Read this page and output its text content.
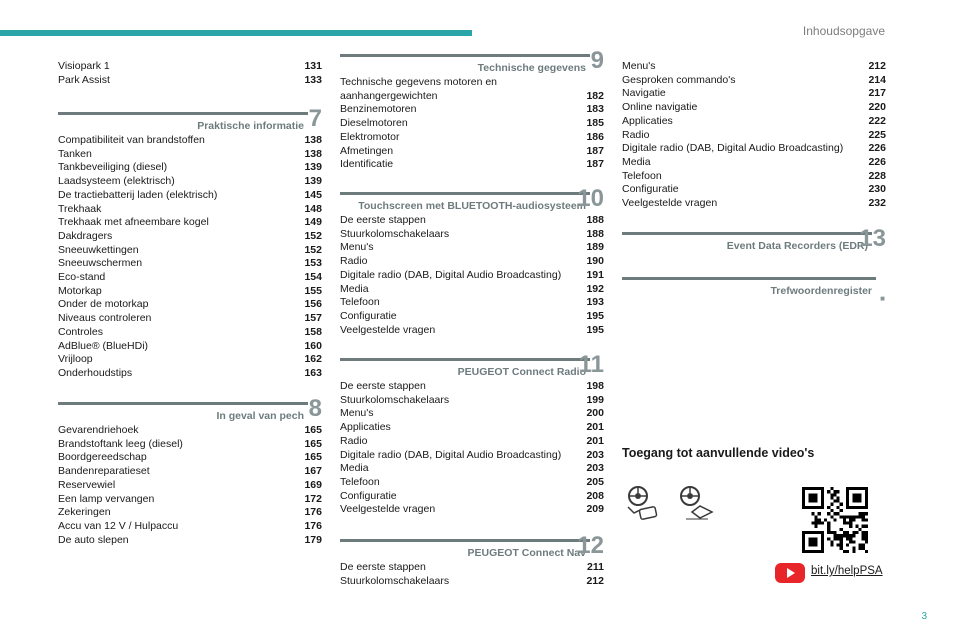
Inhoudsopgave
Visiopark 1	131
Park Assist	133
Praktische informatie 7
Compatibiliteit van brandstoffen	138
Tanken	138
Tankbeveiliging (diesel)	139
Laadsysteem (elektrisch)	139
De tractiebatterij laden (elektrisch)	145
Trekhaak	148
Trekhaak met afneembare kogel	149
Dakdragers	152
Sneeuwkettingen	152
Sneeuwschermen	153
Eco-stand	154
Motorkap	155
Onder de motorkap	156
Niveaus controleren	157
Controles	158
AdBlue® (BlueHDi)	160
Vrijloop	162
Onderhoudstips	163
In geval van pech 8
Gevarendriehoek	165
Brandstoftank leeg (diesel)	165
Boordgereedschap	165
Bandenreparatieset	167
Reservewiel	169
Een lamp vervangen	172
Zekeringen	176
Accu van 12 V / Hulpaccu	176
De auto slepen	179
Technische gegevens 9
Technische gegevens motoren en
aanhangergewichten	182
Benzinemotoren	183
Dieselmotoren	185
Elektromotor	186
Afmetingen	187
Identificatie	187
Touchscreen met BLUETOOTH-audiosysteem
10
De eerste stappen	188
Stuurkolomschakelaars	188
Menu's	189
Radio	190
Digitale radio (DAB, Digital Audio Broadcasting)	191
Media	192
Telefoon	193
Configuratie	195
Veelgestelde vragen	195
PEUGEOT Connect Radio
11
De eerste stappen	198
Stuurkolomschakelaars	199
Menu's	200
Applicaties	201
Radio	201
Digitale radio (DAB, Digital Audio Broadcasting)	203
Media	203
Telefoon	205
Configuratie	208
Veelgestelde vragen	209
PEUGEOT Connect Nav
12
De eerste stappen	211
Stuurkolomschakelaars	212
Menu's	212
Gesproken commando's	214
Navigatie	217
Online navigatie	220
Applicaties	222
Radio	225
Digitale radio (DAB, Digital Audio Broadcasting)	226
Media	226
Telefoon	228
Configuratie	230
Veelgestelde vragen	232
Event Data Recorders (EDR)
13
Trefwoordenregister
■
Toegang tot aanvullende video's
bit.ly/helpPSA
3
